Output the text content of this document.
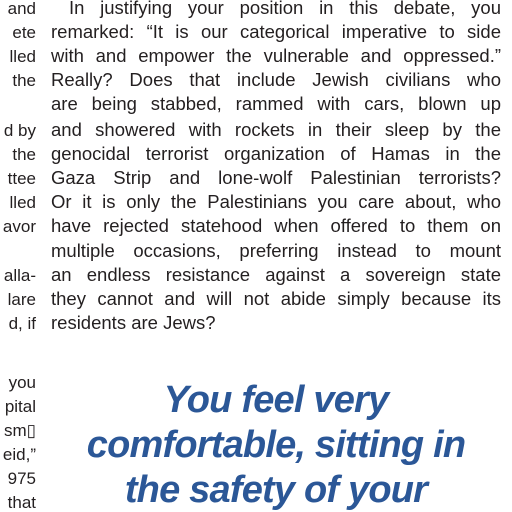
and
ete
lled
the
d by
the
ttee
lled
avor
alla-
lare
d, if
you
pital
sm▯
eid,”
975
that
In justifying your position in this debate, you
remarked: “It is our categorical imperative to side
with and empower the vulnerable and oppressed.”
Really? Does that include Jewish civilians who
are being stabbed, rammed with cars, blown up
and showered with rockets in their sleep by the
genocidal terrorist organization of Hamas in the
Gaza Strip and lone-wolf Palestinian terrorists?
Or it is only the Palestinians you care about, who
have rejected statehood when offered to them on
multiple occasions, preferring instead to mount
an endless resistance against a sovereign state
they cannot and will not abide simply because its
residents are Jews?
You feel very
comfortable, sitting in
the safety of your
